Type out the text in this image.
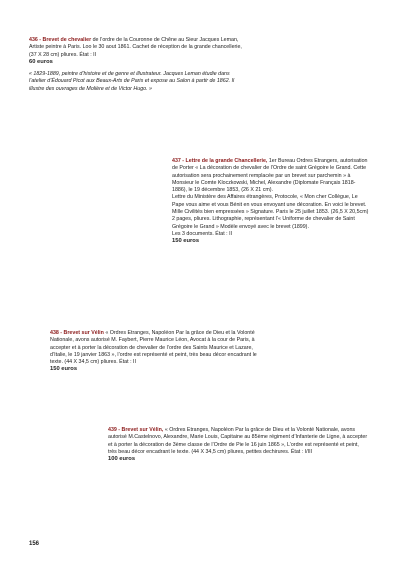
436 - Brevet de chevalier de l’ordre de la Couronne de Chêne au Sieur Jacques Leman, Artiste peintre à Paris. Loo le 30 aout 1861. Cachet de réception de la grande chancellerie, (37 X 28 cm) pliures. État : II

60 euros

« 1829-1889, peintre d’histoire et de genre et illustrateur. Jacques Leman étudie dans l’atelier d’Édouard Picot aux Beaux-Arts de Paris et expose au Salon à partir de 1862. Il illustre des ouvrages de Molière et de Victor Hugo. »

437 - Lettre de la grande Chancellerie, 1er Bureau Ordres Etrangers, autorisation de Porter « La décoration de chevalier de l’Ordre de saint Grégoire le Grand. Cette autorisation sera prochainement remplacée par un brevet sur parchemin » à Monsieur le Comte Kloczkowski, Michel, Alexandre (Diplomate Français 1818-1886), le 19 décembre 1853, (26 X 21 cm).

Lettre du Ministère des Affaires étrangères, Protocole, « Mon cher Collègue, Le Pape vous aime et vous Bénit en vous envoyant une décoration. En voici le brevet. Mille Civilités bien empressées » Signature. Paris le 25 juillet 1853. (26,5 X 20,5cm) 2 pages, pliures. Lithographie, représentant l’« Uniforme de chevalier de Saint Grégoire le Grand » Modèle envoyé avec le brevet (1899).

Les 3 documents. État : II

150 euros

438 - Brevet sur Vélin « Ordres Etranges, Napoléon Par la grâce de Dieu et la Volonté Nationale, avons autorisé M. Faybert, Pierre Maurice Léon, Avocat à la cour de Paris, à accepter et à porter la décoration de chevalier de l’ordre des Saints Maurice et Lazare, d’Italie, le 19 janvier 1863 », l’ordre est représenté et peint, très beau décor encadrant le texte. (44 X 34,5 cm) pliures. État : II

150 euros

439 - Brevet sur Vélin, « Ordres Etranges, Napoléon Par la grâce de Dieu et la Volonté Nationale, avons autorisé M.Castelnovo, Alexandre, Marie Louis, Capitaine au 85ème régiment d’Infanterie de Ligne, à accepter et à porter la décoration de 3ème classe de l’Ordre de Pie le 16 juin 1865 », L’ordre est représenté et peint, très beau décor encadrant le texte. (44 X 34,5 cm) pliures, petites dechirures. État : I/III

100 euros

156
